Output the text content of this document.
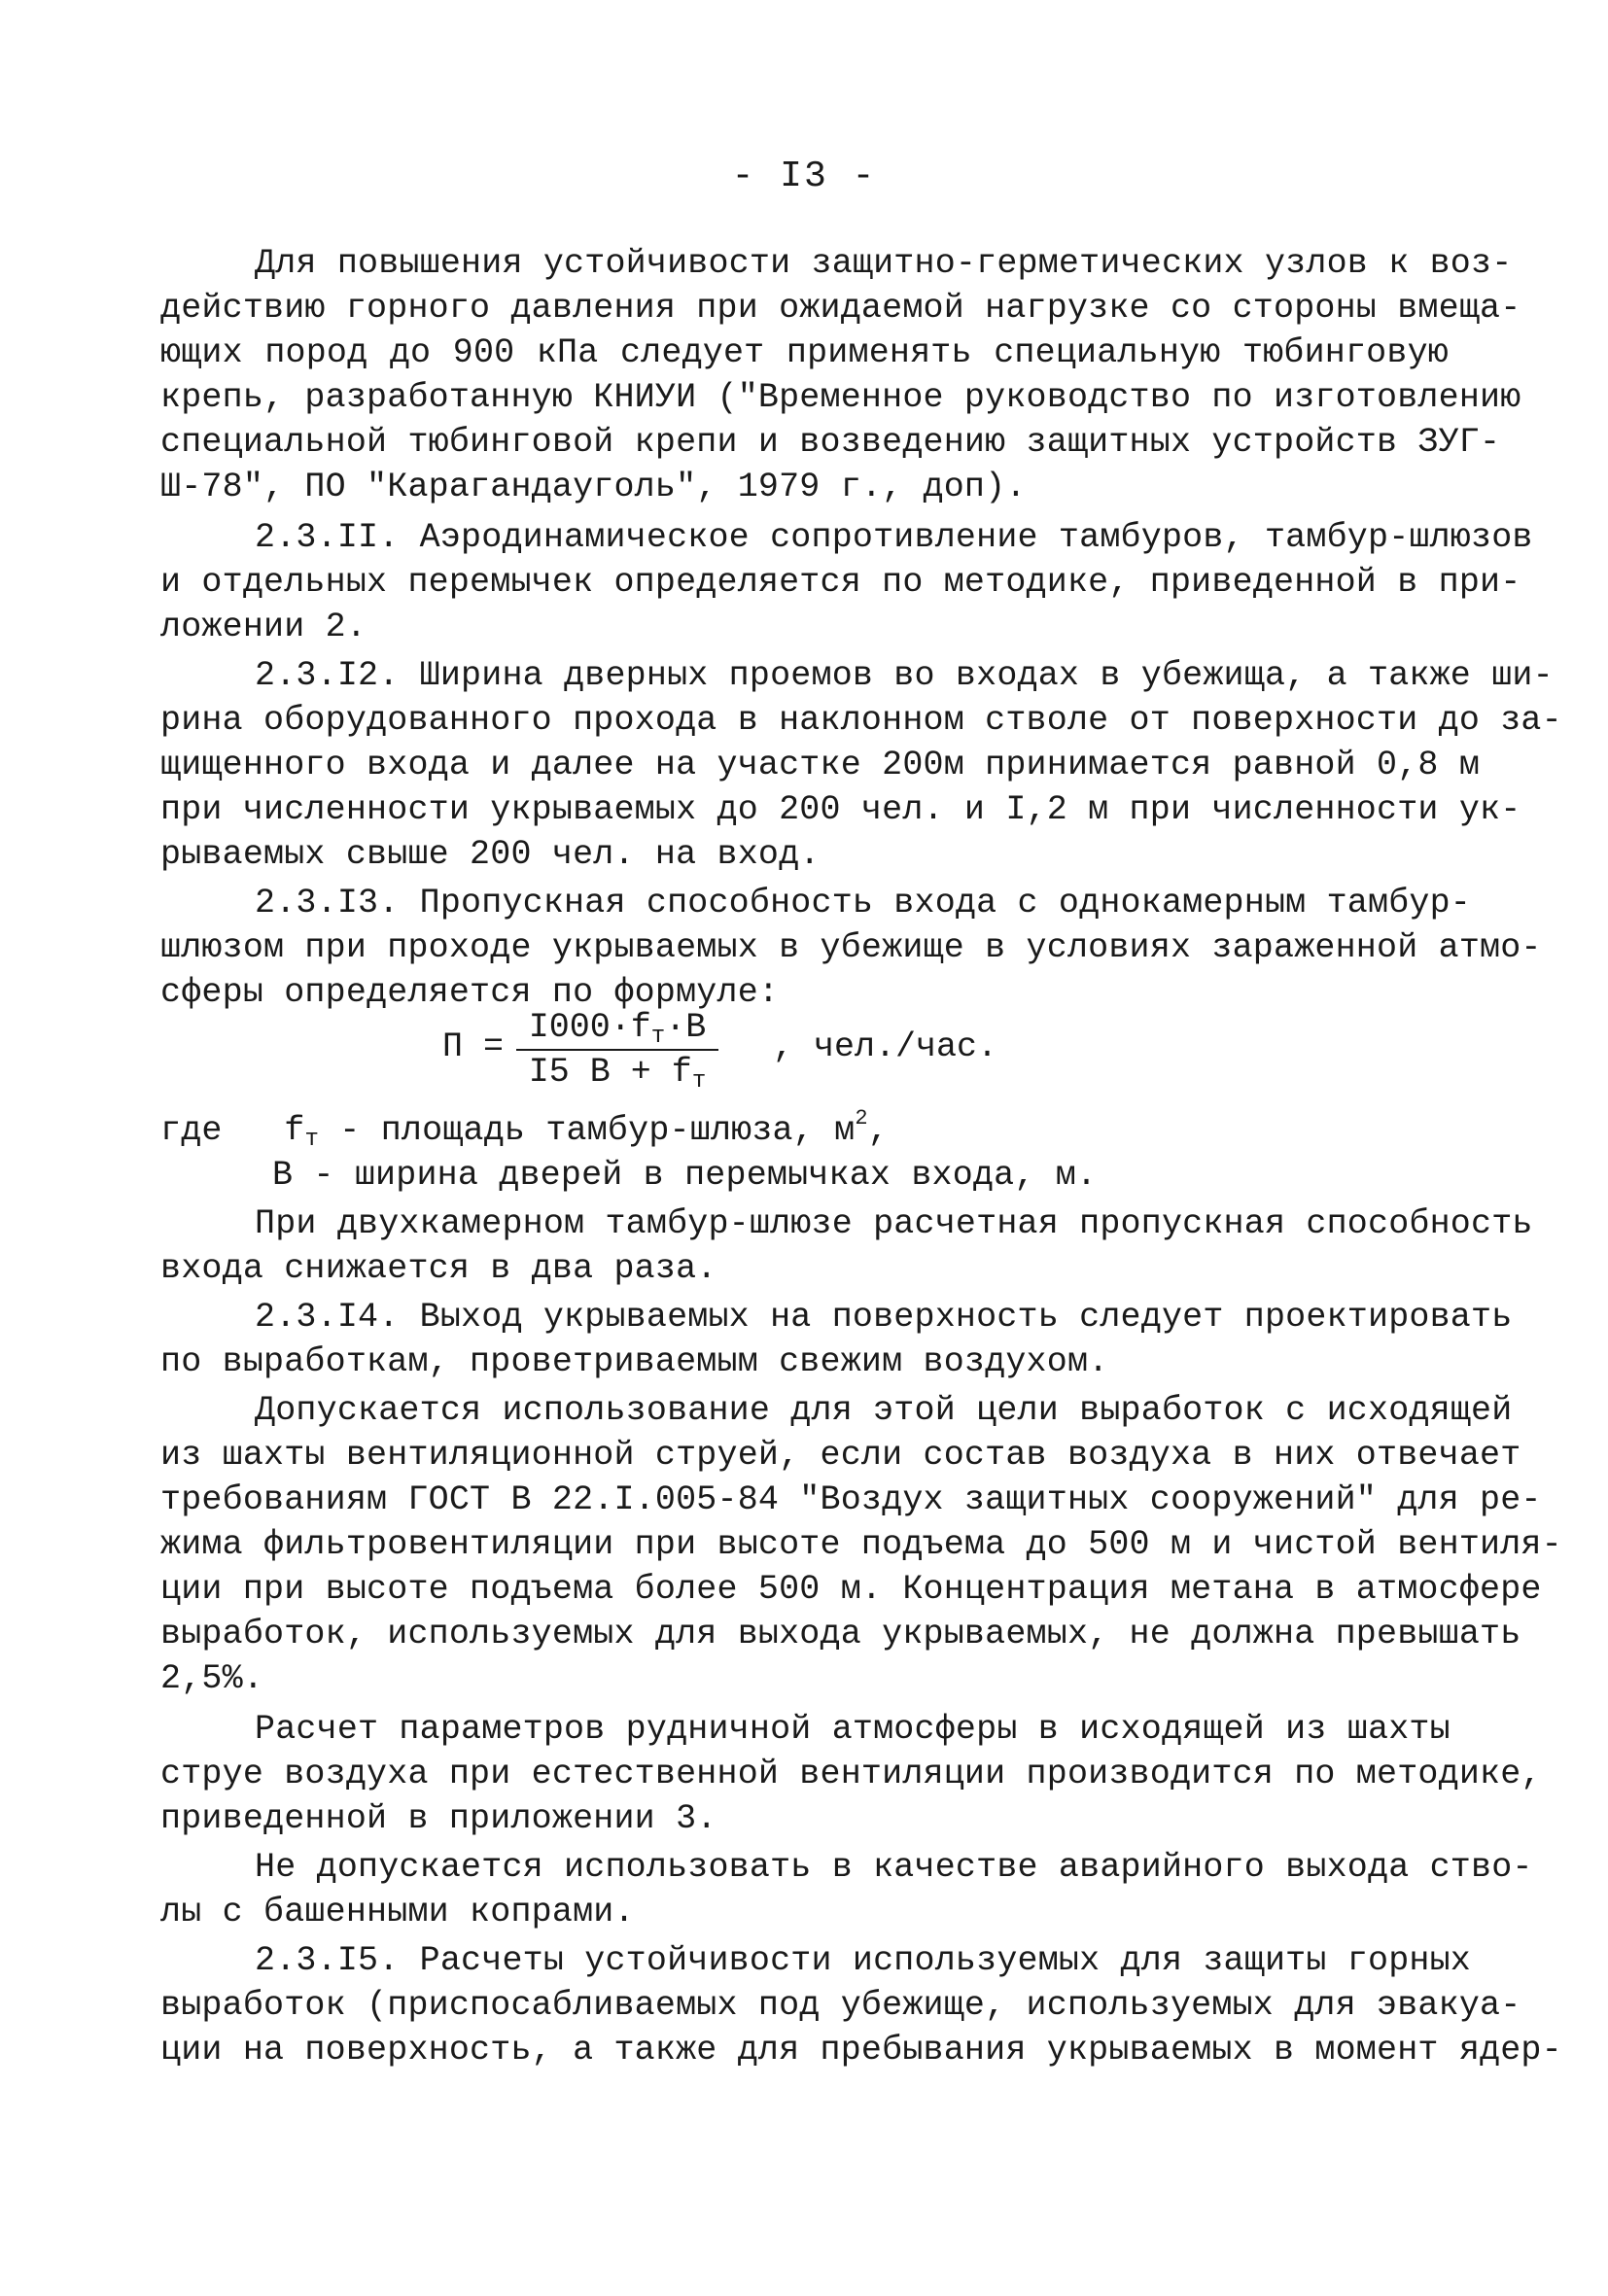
- I3 -
Для повышения устойчивости защитно-герметических узлов к воз-
действию горного давления при ожидаемой нагрузке со стороны вмеща-
ющих пород до 900 кПа следует применять специальную тюбинговую
крепь, разработанную КНИУИ ("Временное руководство по изготовлению
специальной тюбинговой крепи и возведению защитных устройств ЗУГ-
Ш-78", ПО "Карагандауголь", 1979 г., доп).
2.3.II. Аэродинамическое сопротивление тамбуров, тамбур-шлюзов
и отдельных перемычек определяется по методике, приведенной в при-
ложении 2.
2.3.I2. Ширина дверных проемов во входах в убежища, а также ши-
рина оборудованного прохода в наклонном стволе от поверхности до за-
щищенного входа и далее на участке 200м принимается равной 0,8 м
при численности укрываемых до 200 чел. и I,2 м при численности ук-
рываемых свыше 200 чел. на вход.
2.3.I3. Пропускная способность входа с однокамерным тамбур-
шлюзом при проходе укрываемых в убежище в условиях зараженной атмо-
сферы определяется по формуле:
$П = I000\cdot f_т\cdot В$
I5 $В + f_т$
, чел./час.
где $f_т$ - площадь тамбур-шлюза, $м^2$,
В - ширина дверей в перемычках входа, м.
При двухкамерном тамбур-шлюзе расчетная пропускная способность
входа снижается в два раза.
2.3.I4. Выход укрываемых на поверхность следует проектировать
по выработкам, проветриваемым свежим воздухом.
Допускается использование для этой цели выработок с исходящей
из шахты вентиляционной струей, если состав воздуха в них отвечает
требованиям ГОСТ В 22.I.005-84 "Воздух защитных сооружений" для ре-
жима фильтровентиляции при высоте подъема до 500 м и чистой вентиля-
ции при высоте подъема более 500 м. Концентрация метана в атмосфере
выработок, используемых для выхода укрываемых, не должна превышать
2,5%.
Расчет параметров рудничной атмосферы в исходящей из шахты
струе воздуха при естественной вентиляции производится по методике,
приведенной в приложении 3.
Не допускается использовать в качестве аварийного выхода ство-
лы с башенными копрами.
2.3.I5. Расчеты устойчивости используемых для защиты горных
выработок (приспосабливаемых под убежище, используемых для эвакуа-
ции на поверхность, а также для пребывания укрываемых в момент ядер-
